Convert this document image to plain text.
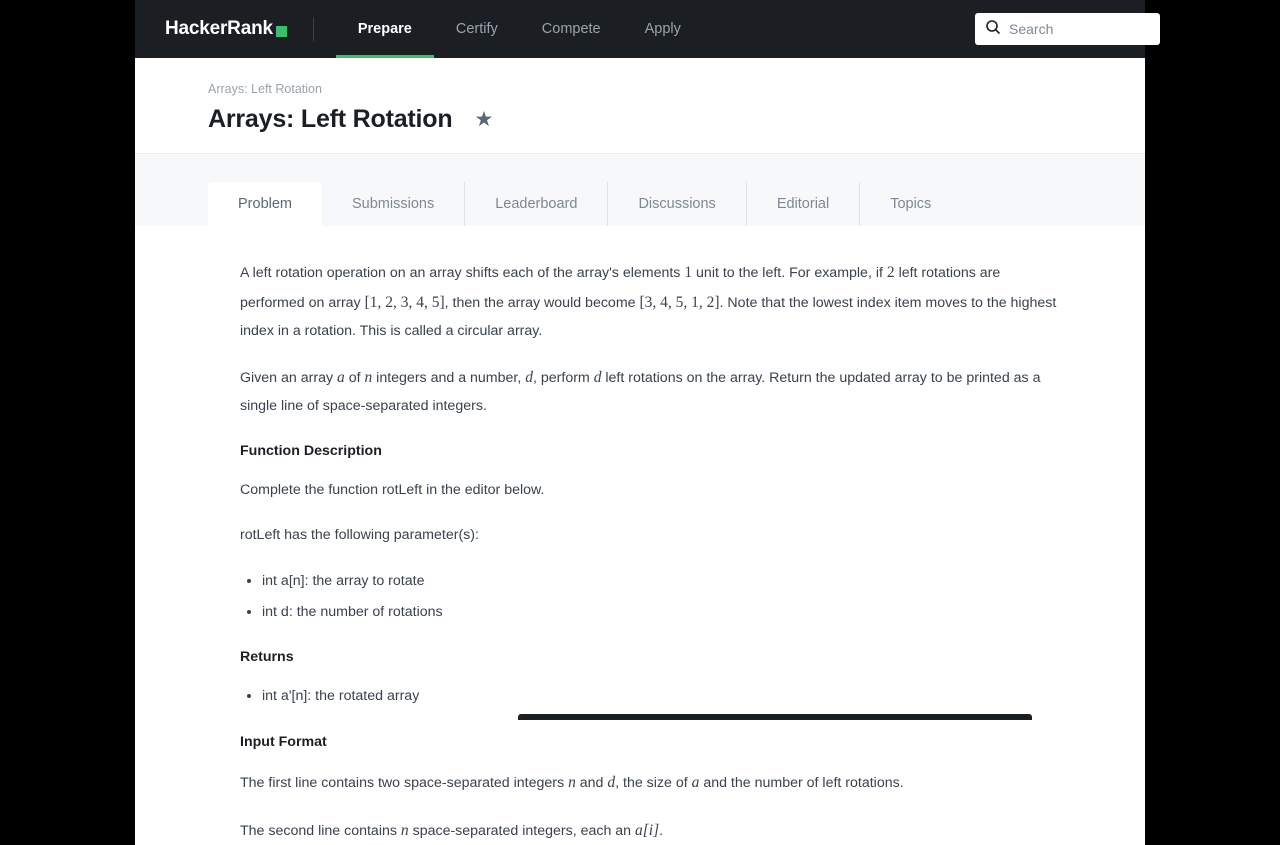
HackerRank	Prepare	Certify	Compete	Apply
Search
Arrays: Left Rotation
Arrays: Left Rotation ★
Problem	Submissions	Leaderboard	Discussions	Editorial	Topics

A left rotation operation on an array shifts each of the array's elements 1 unit to the left. For example, if 2 left rotations are performed on array [1, 2, 3, 4, 5], then the array would become [3, 4, 5, 1, 2]. Note that the lowest index item moves to the highest index in a rotation. This is called a circular array.

Given an array a of n integers and a number, d, perform d left rotations on the array. Return the updated array to be printed as a single line of space-separated integers.

Function Description

Complete the function rotLeft in the editor below.

rotLeft has the following parameter(s):

• int a[n]: the array to rotate
• int d: the number of rotations
Returns
• int a'[n]: the rotated array
Input Format

The first line contains two space-separated integers n and d, the size of a and the number of left rotations.

The second line contains n space-separated integers, each an a[i].
